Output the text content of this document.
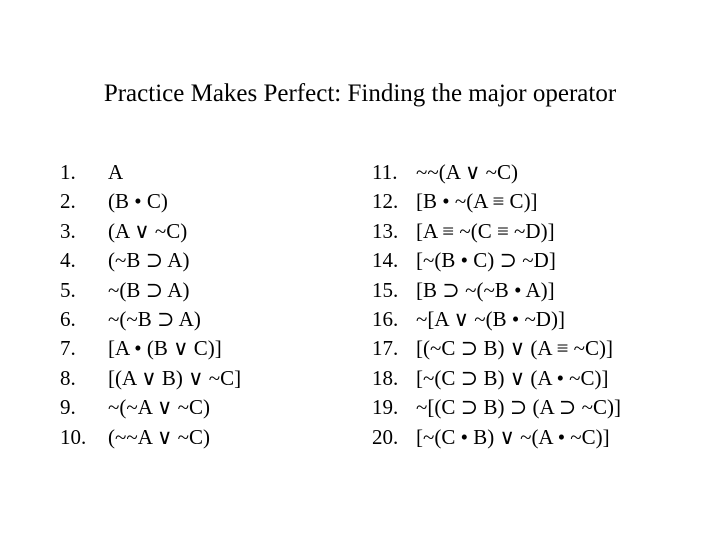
Practice Makes Perfect: Finding the major operator
1. A
2. (B • C)
3. (A ∨ ~C)
4. (~B ⊃ A)
5. ~(B ⊃ A)
6. ~(~B ⊃ A)
7. [A • (B ∨ C)]
8. [(A ∨ B) ∨ ~C]
9. ~(~A ∨ ~C)
10. (~~A ∨ ~C)
11. ~~(A ∨ ~C)
12. [B • ~(A ≡ C)]
13. [A ≡ ~(C ≡ ~D)]
14. [~(B • C) ⊃ ~D]
15. [B ⊃ ~(~B • A)]
16. ~[A ∨ ~(B • ~D)]
17. [(~C ⊃ B) ∨ (A ≡ ~C)]
18. [~(C ⊃ B) ∨ (A • ~C)]
19. ~[(C ⊃ B) ⊃ (A ⊃ ~C)]
20. [~(C • B) ∨ ~(A • ~C)]
